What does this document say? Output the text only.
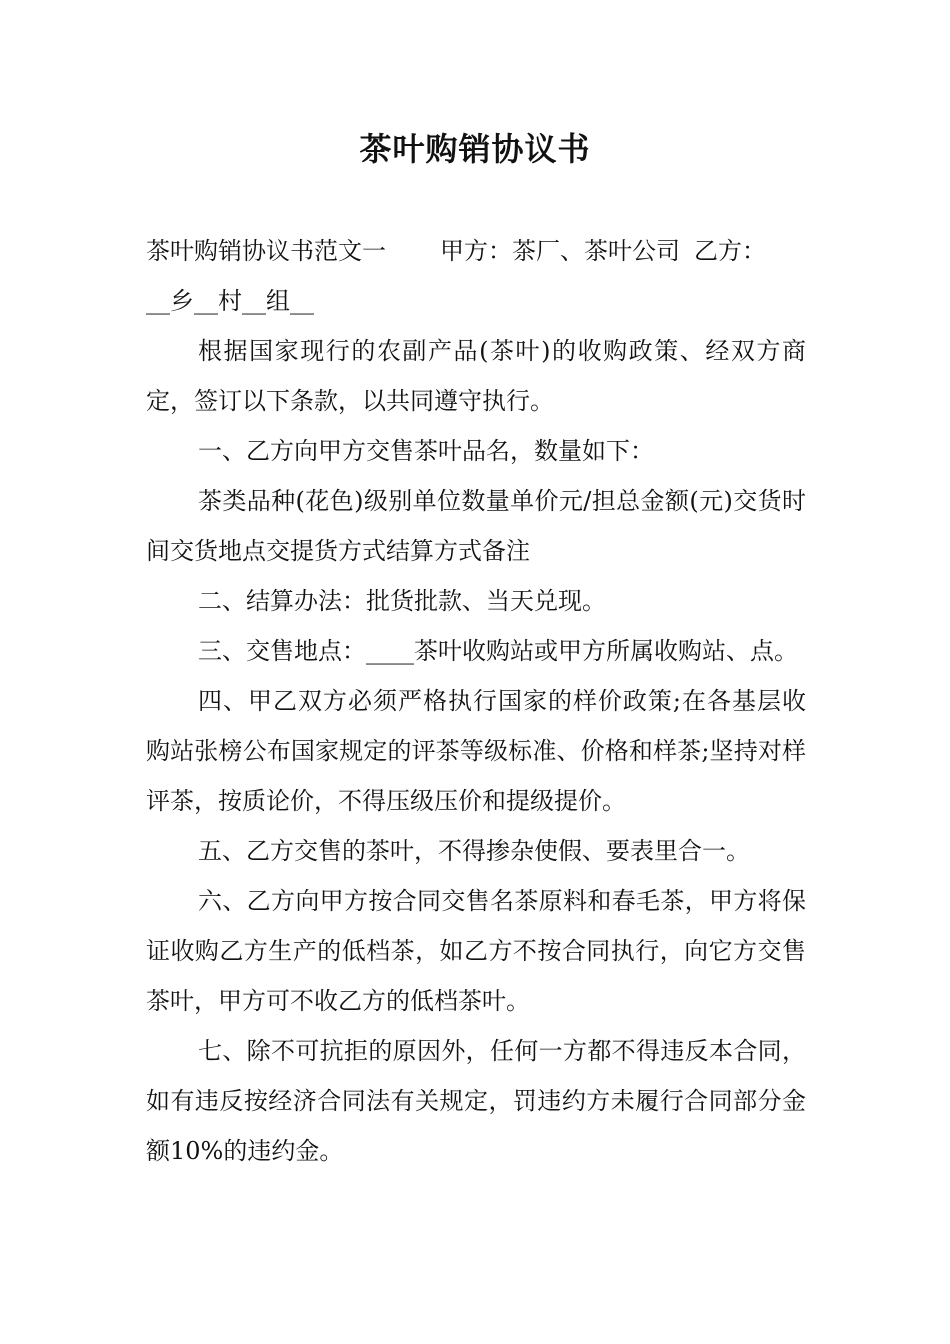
茶叶购销协议书

茶叶购销协议书范文一 甲方：茶厂、茶叶公司 乙方：

__乡__村__组__

根据国家现行的农副产品(茶叶)的收购政策、经双方商定，签订以下条款，以共同遵守执行。

一、乙方向甲方交售茶叶品名，数量如下：

茶类品种(花色)级别单位数量单价元/担总金额(元)交货时间交货地点交提货方式结算方式备注

二、结算办法：批货批款、当天兑现。

三、交售地点：____茶叶收购站或甲方所属收购站、点。

四、甲乙双方必须严格执行国家的样价政策;在各基层收购站张榜公布国家规定的评茶等级标准、价格和样茶;坚持对样评茶，按质论价，不得压级压价和提级提价。

五、乙方交售的茶叶，不得掺杂使假、要表里合一。

六、乙方向甲方按合同交售名茶原料和春毛茶，甲方将保证收购乙方生产的低档茶，如乙方不按合同执行，向它方交售茶叶，甲方可不收乙方的低档茶叶。

七、除不可抗拒的原因外，任何一方都不得违反本合同，如有违反按经济合同法有关规定，罚违约方未履行合同部分金额10%的违约金。
